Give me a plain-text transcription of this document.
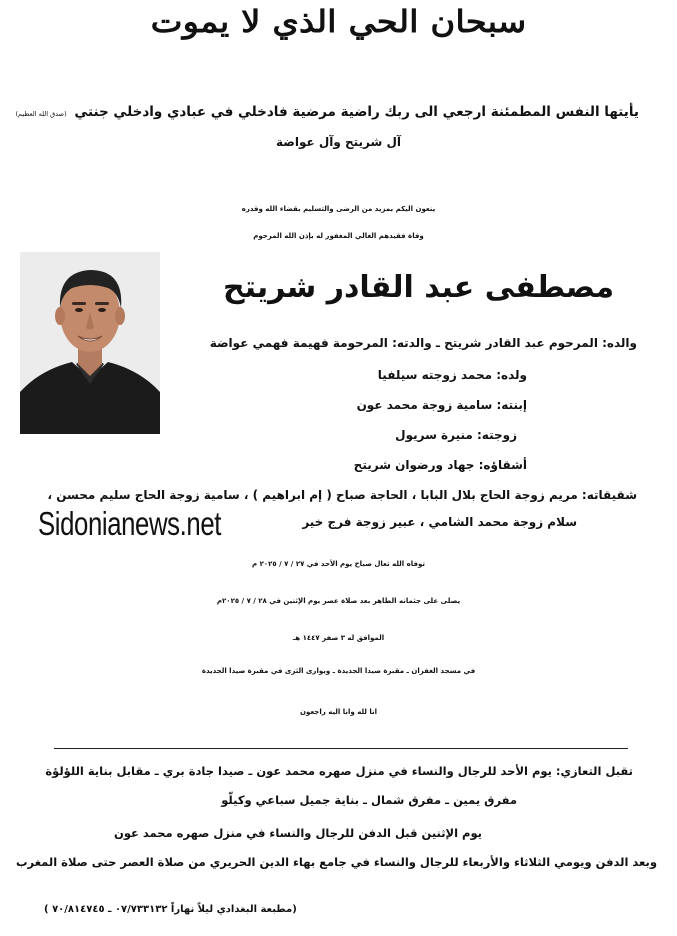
سبحان الحي الذي لا يموت
يأيتها النفس المطمئنة ارجعي الى ربك راضية مرضية فادخلي في عبادي وادخلي جنتي (صدق الله العظيم)
آل شريتح وآل عواضة
ينعون اليكم بمزيد من الرضى والتسليم بقضاء الله وقدره
وفاة فقيدهم الغالي المغفور له بإذن الله المرحوم
مصطفى عبد القادر شريتح
والده: المرحوم عبد القادر شريتح ـ والدته: المرحومة فهيمة فهمي عواضة
ولده: محمد زوجته سيلفيا
إبنته: سامية زوجة محمد عون
زوجته: منيرة سريول
أشقاؤه: جهاد ورضوان شريتح
شقيقاته: مريم زوجة الحاج بلال البابا ، الحاجة صباح ( إم ابراهيم ) ، سامية زوجة الحاج سليم محسن ،
سلام زوجة محمد الشامي ، عبير زوجة فرج خير
Sidonianews.net
توفاه الله تعال صباح يوم الأحد في ٢٧ / ٧ / ٢٠٢٥ م
يصلى على جثمانه الطاهر بعد صلاة عصر يوم الإثنين في ٢٨ / ٧ / ٢٠٢٥م
الموافق له ٣ صفر ١٤٤٧ هـ
في مسجد الغفران ـ مقبرة صيدا الجديدة ـ ويوارى الثرى في مقبرة صيدا الجديدة
انا لله وانا اليه راجعون
تقبل التعازي: يوم الأحد للرجال والنساء في منزل صهره محمد عون ـ صيدا جادة بري ـ مقابل بناية اللؤلؤة
مفرق يمين ـ مفرق شمال ـ بناية جميل سباعي وكيلّو
يوم الإثنين قبل الدفن للرجال والنساء في منزل صهره محمد عون
وبعد الدفن ويومي الثلاثاء والأربعاء للرجال والنساء في جامع بهاء الدين الحريري من صلاة العصر حتى صلاة المغرب
(مطبعة البغدادي ليلاً نهاراً ٠٧/٧٣٣١٣٢ ـ ٧٠/٨١٤٧٤٥ )
